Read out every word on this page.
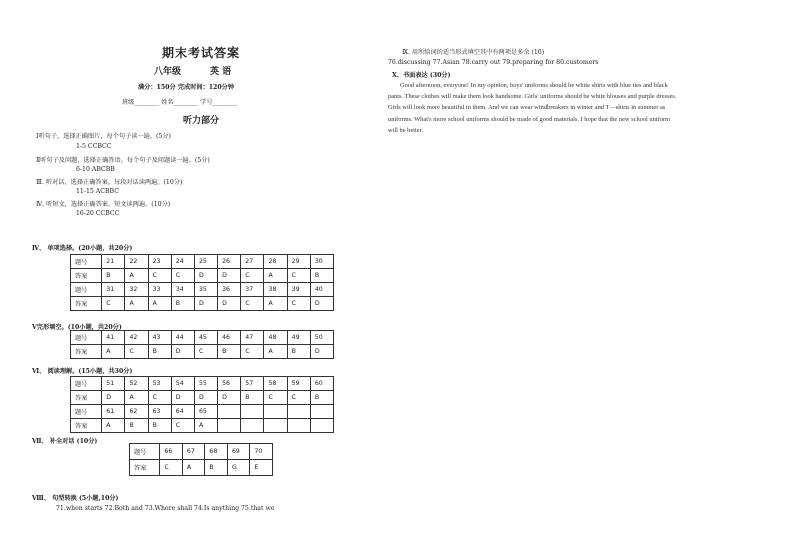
期末考试答案
八年级	英 语
满分：150分 完成时间：120分钟
班级________ 姓名________ 学号________
听力部分
Ⅰ听句子，选择正确图片，每个句子读一遍。(5分)
1-5 CCBCC
Ⅱ听句子及问题，选择正确答语。每个句子及问题读一遍。(5分)
6-10 ABCBB
Ⅲ. 听对话，选择正确答案。每段对话读两遍。(10分)
11-15 ACBBC
Ⅳ. 听短文，选择正确答案。短文读两遍。(10分)
16-20 CCBCC
Ⅳ、 单项选择。(20小题，共20分)
题号	21	22	23	24	25	26	27	28	29	30

答案	B	A	C	C	D	D	C	A	C	B

题号	31	32	33	34	35	36	37	38	39	40

答案	C	A	A	B	D	D	C	A	C	D
Ⅴ完形填空。(10小题，共20分)
题号	41	42	43	44	45	46	47	48	49	50

答案	A	C	B	D	C	B	C	A	B	D
Ⅵ、 阅读理解。(15小题，共30分)
题号	51	52	53	54	55	56	57	58	59	60

答案	D	A	C	D	D	D	B	C	C	B

题号	61	62	63	64	65					

答案	A	B	B	C	A					

Ⅶ、 补全对话 (10分)
题号	66	67	68	69	70

答案	C	A	B	G	E
Ⅷ、 句型转换 (5小题,10分)
71.when starts 72.Both and 73.Where shall 74.Is anything 75.that we
Ⅸ. 用所给词的适当形式填空其中有两项是多余 (10)
76.discussing 77.Asian 78.carry out 79.preparing for 80.customers
Ⅹ、书面表达 (30分)
Good afternoon, everyone! In my opinion, boys' uniforms should be white shirts with blue ties and black
pants. These clothes will make them look handsome. Girls' uniforms should be white blouses and purple dresses.
Girls will look more beautiful in them. And we can wear windbreakers in winter and T—shirts in summer as
uniforms. What's more school uniforms should be made of good materials. I hope that the new school uniform
will be better.
